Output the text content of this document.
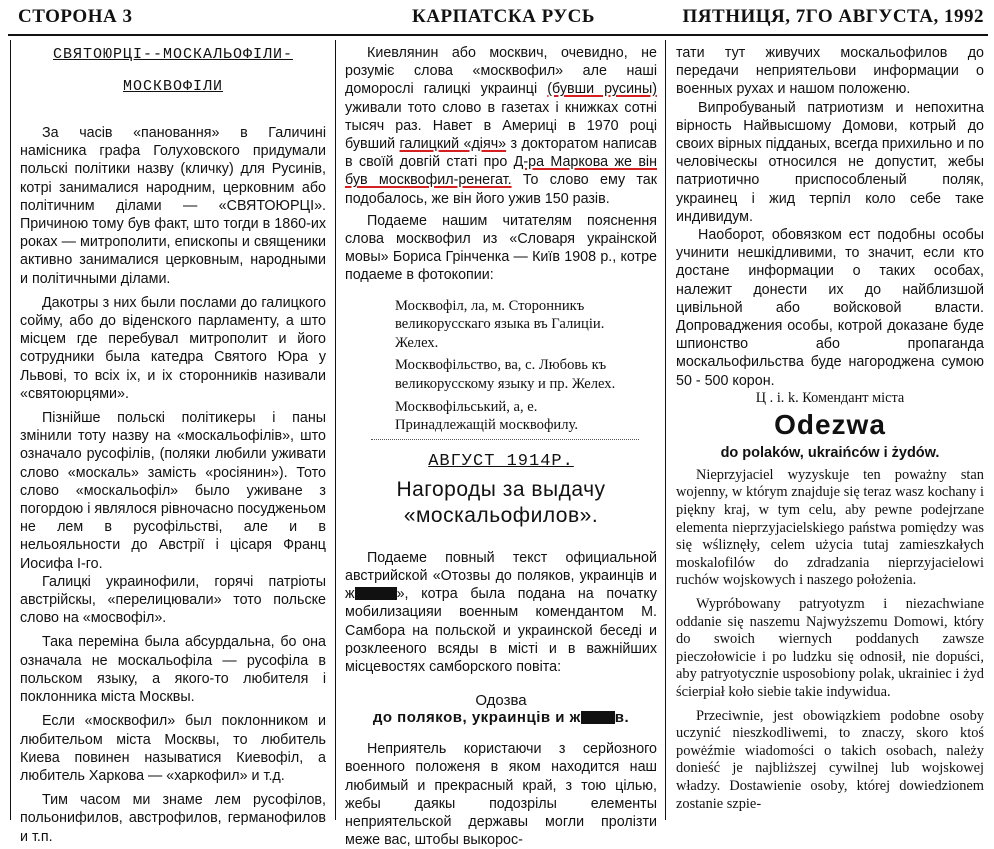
СТОРОНА 3	КАРПАТСКА РУСЬ	ПЯТНИЦЯ, 7ГО АВГУСТА, 1992
СВЯТОЮРЦІ--МОСКАЛЬОФІЛИ-
МОСКВОФІЛИ

За часів «пановання» в Галичині намісника графа Голуховского придумали польскі політики назву (кличку) для Русинів, котрі занималися народним, церковним або політичним ділами — «СВЯТОЮРЦІ». Причиною тому був факт, што тогди в 1860-их роках — митрополити, епископы и священики активно занималися церковным, народными и політичными ділами.

Дакотры з них были послами до галицкого сойму, або до віденского парламенту, а што місцем где перебувал митрополит и його сотрудники была катедра Святого Юра у Львові, то всіх іх, и іх сторонників називали «святоюрцями».

Пізнійше польскі політикеры і паны змінили тоту назву на «москальофілів», што означало русофілів, (поляки любили уживати слово «москаль» замість «росіянин»). Тото слово «москальофіл» было уживане з погордою і являлося рівночасно посудженьом не лем в русофільстві, але и в нельояльности до Австрії і цісаря Франц Иосифа I-го.

Галицкі украинофили, горячі патріоты австрійскы, «перелицювали» тото польске слово на «мосвофіл».

Така переміна была абсурдальна, бо она означала не москальофіла — русофіла в польском языку, а якого-то любителя і поклонника міста Москвы.

Если «москвофил» был поклонником и любительом міста Москвы, то любитель Киева повинен называтися Киевофіл, а любитель Харкова — «харкофил» и т.д.

Тим часом ми знаме лем русофілов, польонифилов, австрофилов, германофилов и т.п.

Киевлянин або москвич, очевидно, не розуміє слова «москвофил» але наші доморослі галицкі украинці (бувши русины) уживали тото слово в газетах і книжках сотні тысяч раз. Навет в Америці в 1970 році бувший галицкий «діяч» з докторатом написав в своїй довгій статі про Д-ра Маркова же він був москвофил-ренегат. То слово ему так подобалось, же він його ужив 150 разів.

Подаеме нашим читателям пояснення слова москвофил из «Словаря украінской мовы» Бориса Грінченка — Київ 1908 р., котре подаеме в фотокопии:

Москвофіл, ла, м. Сторонникъ великорусскаго языка въ Галиціи. Желех.

Москвофільство, ва, с. Любовь къ великорусскому языку и пр. Желех.

Москвофільський, а, е. Принадлежащій москвофилу.

АВГУСТ 1914Р.
Нагороды за выдачу
«москальофилов».

Подаеме повный текст официальной австрийской «Отозвы до поляков, украинців и ж	», котра была подана на початку мобилизацияи военным комендантом М. Самбора на польской и украинской беседі и розклееного всяды в місті и в важнійших місцевостях самборского повіта:

Одозва
до поляков, украинців и ж в.

Неприятель користаючи з серйозного военного положеня в яком находится наш любимый и прекрасный край, з тою цілью, жебы даякы подозрілы елементы неприятельской державы могли пролізти меже вас, штобы выкорос-

тати тут живучих москальофилов до передачи неприятельови информации о военных рухах и нашом положеню.

Випробуваный патриотизм и непохитна вірность Найвысшому Домови, котрый до своих вірных підданых, всегда прихильно и по человіческы относился не допустит, жебы патриотично приспособленый поляк, украинец і жид терпіл коло себе таке индивидум.

Наоборот, обовязком ест подобны особы учинити нешкідливими, то значит, если кто достане информации о таких особах, належит донести их до найблизшой цивільной або войсковой власти. Допроваджения особы, котрой доказане буде шпионство або пропаганда москальофильства буде нагороджена сумою 50 - 500 корон.

Ц . і. k. Комендант міста
Odezwa
do polaków, ukraińców i żydów.

Nieprzyjaciel wyzyskuje ten poważny stan wojenny, w którym znajduje się teraz wasz kochany i piękny kraj, w tym celu, aby pewne podejrzane elementa nieprzyjacielskiego państwa pomiędzy was się wśliznęły, celem użycia tutaj zamieszkałych moskalofilów do zdradzania nieprzyjacielowi ruchów wojskowych i naszego położenia.

Wypróbowany patryotyzm i niezachwiane oddanie się naszemu Najwyższemu Domowi, który do swoich wiernych poddanych zawsze pieczołowicie i po ludzku się odnosił, nie dopuści, aby patryotycznie usposobiony polak, ukrainiec i żyd ścierpiał koło siebie takie indywidua.

Przeciwnie, jest obowiązkiem podobne osoby uczynić nieszkodliwemi, to znaczy, skoro ktoś powėźmie wiadomości o takich osobach, należy donieść je najbliższej cywilnej lub wojskowej władzy. Dostawienie osoby, której dowiedzionem zostanie szpie-
